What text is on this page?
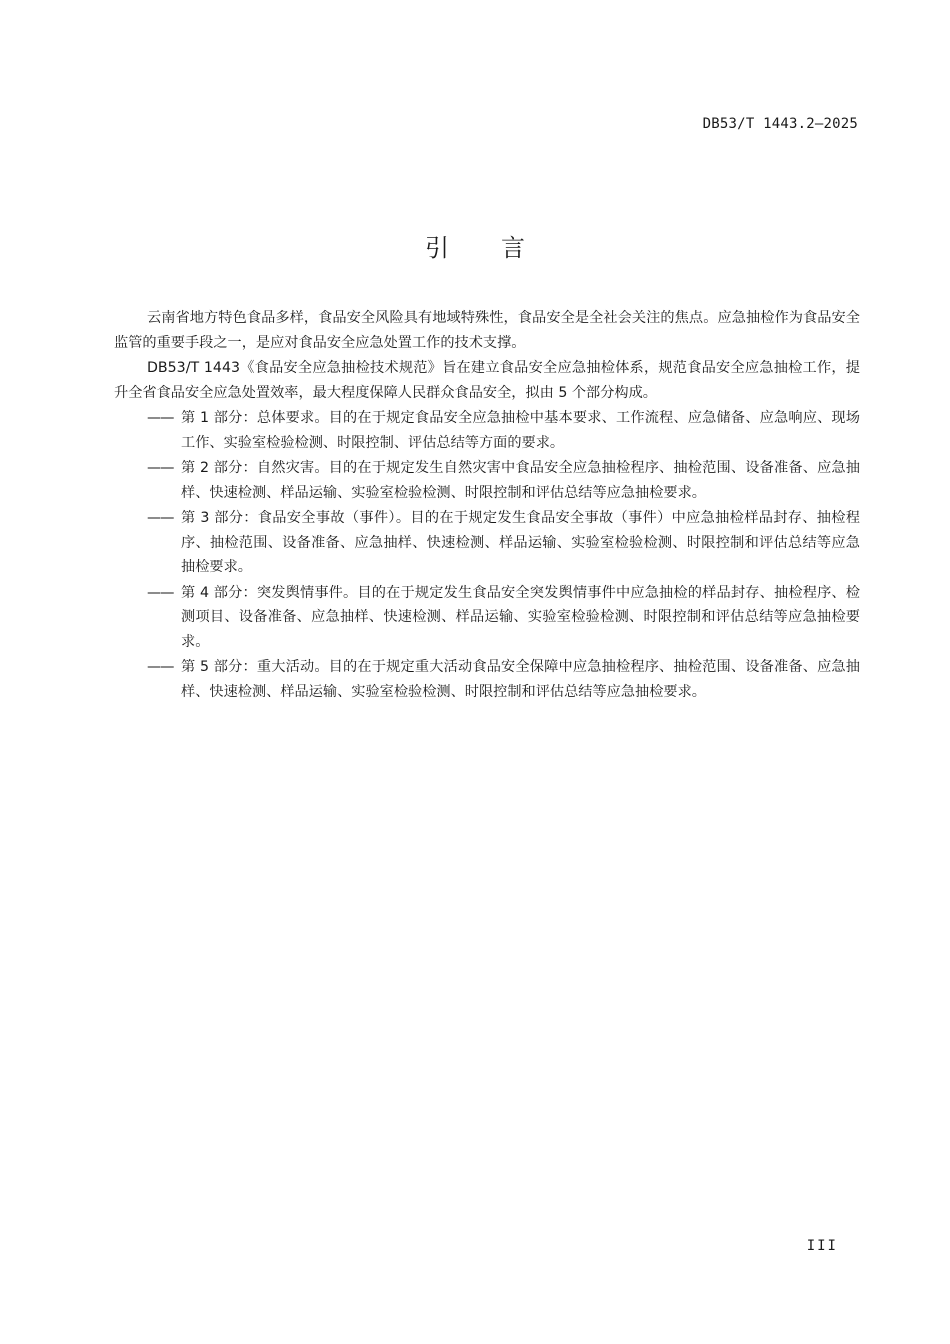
DB53/T 1443.2—2025
引言

云南省地方特色食品多样，食品安全风险具有地域特殊性，食品安全是全社会关注的焦点。应急抽检作为食品安全监管的重要手段之一，是应对食品安全应急处置工作的技术支撑。

DB53/T 1443《食品安全应急抽检技术规范》旨在建立食品安全应急抽检体系，规范食品安全应急抽检工作，提升全省食品安全应急处置效率，最大程度保障人民群众食品安全，拟由 5 个部分构成。

—— 第 1 部分：总体要求。目的在于规定食品安全应急抽检中基本要求、工作流程、应急储备、应急响应、现场工作、实验室检验检测、时限控制、评估总结等方面的要求。
—— 第 2 部分：自然灾害。目的在于规定发生自然灾害中食品安全应急抽检程序、抽检范围、设备准备、应急抽样、快速检测、样品运输、实验室检验检测、时限控制和评估总结等应急抽检要求。
—— 第 3 部分：食品安全事故（事件）。目的在于规定发生食品安全事故（事件）中应急抽检样品封存、抽检程序、抽检范围、设备准备、应急抽样、快速检测、样品运输、实验室检验检测、时限控制和评估总结等应急抽检要求。
—— 第 4 部分：突发舆情事件。目的在于规定发生食品安全突发舆情事件中应急抽检的样品封存、抽检程序、检测项目、设备准备、应急抽样、快速检测、样品运输、实验室检验检测、时限控制和评估总结等应急抽检要求。
—— 第 5 部分：重大活动。目的在于规定重大活动食品安全保障中应急抽检程序、抽检范围、设备准备、应急抽样、快速检测、样品运输、实验室检验检测、时限控制和评估总结等应急抽检要求。
III
